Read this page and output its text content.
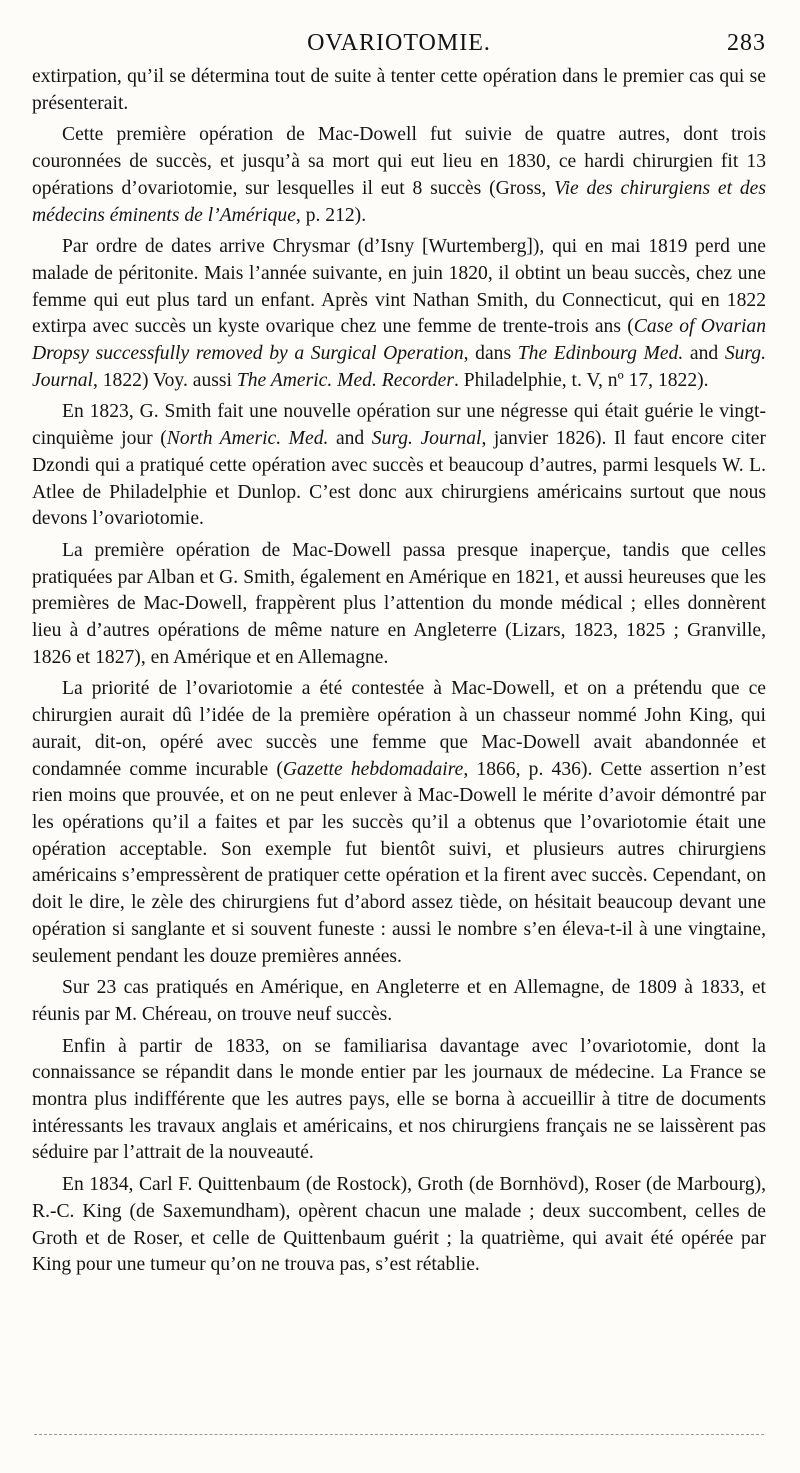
OVARIOTOMIE.	283

extirpation, qu’il se détermina tout de suite à tenter cette opération dans le premier cas qui se présenterait.

Cette première opération de Mac-Dowell fut suivie de quatre autres, dont trois couronnées de succès, et jusqu’à sa mort qui eut lieu en 1830, ce hardi chirurgien fit 13 opérations d’ovariotomie, sur lesquelles il eut 8 succès (Gross, Vie des chirurgiens et des médecins éminents de l’Amérique, p. 212).

Par ordre de dates arrive Chrysmar (d’Isny [Wurtemberg]), qui en mai 1819 perd une malade de péritonite. Mais l’année suivante, en juin 1820, il obtint un beau succès, chez une femme qui eut plus tard un enfant. Après vint Nathan Smith, du Connecticut, qui en 1822 extirpa avec succès un kyste ovarique chez une femme de trente-trois ans (Case of Ovarian Dropsy successfully removed by a Surgical Operation, dans The Edinbourg Med. and Surg. Journal, 1822) Voy. aussi The Americ. Med. Recorder. Philadelphie, t. V, nº 17, 1822).

En 1823, G. Smith fait une nouvelle opération sur une négresse qui était guérie le vingt-cinquième jour (North Americ. Med. and Surg. Journal, janvier 1826). Il faut encore citer Dzondi qui a pratiqué cette opération avec succès et beaucoup d’autres, parmi lesquels W. L. Atlee de Philadelphie et Dunlop. C’est donc aux chirurgiens américains surtout que nous devons l’ovariotomie.

La première opération de Mac-Dowell passa presque inaperçue, tandis que celles pratiquées par Alban et G. Smith, également en Amérique en 1821, et aussi heureuses que les premières de Mac-Dowell, frappèrent plus l’attention du monde médical ; elles donnèrent lieu à d’autres opérations de même nature en Angleterre (Lizars, 1823, 1825 ; Granville, 1826 et 1827), en Amérique et en Allemagne.

La priorité de l’ovariotomie a été contestée à Mac-Dowell, et on a prétendu que ce chirurgien aurait dû l’idée de la première opération à un chasseur nommé John King, qui aurait, dit-on, opéré avec succès une femme que Mac-Dowell avait abandonnée et condamnée comme incurable (Gazette hebdomadaire, 1866, p. 436). Cette assertion n’est rien moins que prouvée, et on ne peut enlever à Mac-Dowell le mérite d’avoir démontré par les opérations qu’il a faites et par les succès qu’il a obtenus que l’ovariotomie était une opération acceptable. Son exemple fut bientôt suivi, et plusieurs autres chirurgiens américains s’empressèrent de pratiquer cette opération et la firent avec succès. Cependant, on doit le dire, le zèle des chirurgiens fut d’abord assez tiède, on hésitait beaucoup devant une opération si sanglante et si souvent funeste : aussi le nombre s’en éleva-t-il à une vingtaine, seulement pendant les douze premières années.

Sur 23 cas pratiqués en Amérique, en Angleterre et en Allemagne, de 1809 à 1833, et réunis par M. Chéreau, on trouve neuf succès.

Enfin à partir de 1833, on se familiarisa davantage avec l’ovariotomie, dont la connaissance se répandit dans le monde entier par les journaux de médecine. La France se montra plus indifférente que les autres pays, elle se borna à accueillir à titre de documents intéressants les travaux anglais et américains, et nos chirurgiens français ne se laissèrent pas séduire par l’attrait de la nouveauté.

En 1834, Carl F. Quittenbaum (de Rostock), Groth (de Bornhövd), Roser (de Marbourg), R.-C. King (de Saxemundham), opèrent chacun une malade ; deux succombent, celles de Groth et de Roser, et celle de Quittenbaum guérit ; la quatrième, qui avait été opérée par King pour une tumeur qu’on ne trouva pas, s’est rétablie.
